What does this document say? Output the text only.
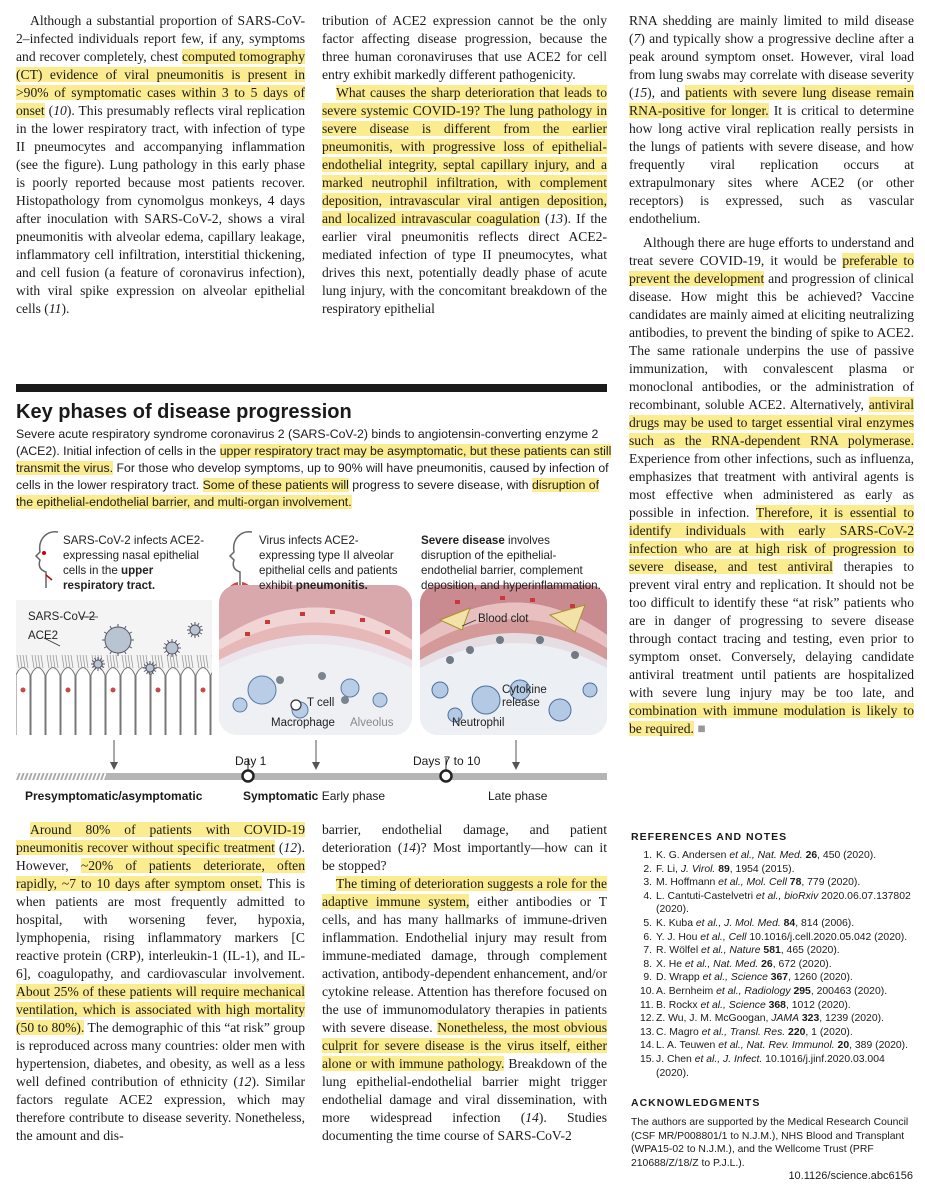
Although a substantial proportion of SARS-CoV-2–infected individuals report few, if any, symptoms and recover completely, chest computed tomography (CT) evidence of viral pneumonitis is present in >90% of symptomatic cases within 3 to 5 days of onset (10). This presumably reflects viral replication in the lower respiratory tract, with infection of type II pneumocytes and accompanying inflammation (see the figure). Lung pathology in this early phase is poorly reported because most patients recover. Histopathology from cynomolgus monkeys, 4 days after inoculation with SARS-CoV-2, shows a viral pneumonitis with alveolar edema, capillary leakage, inflammatory cell infiltration, interstitial thickening, and cell fusion (a feature of coronavirus infection), with viral spike expression on alveolar epithelial cells (11).

tribution of ACE2 expression cannot be the only factor affecting disease progression, because the three human coronaviruses that use ACE2 for cell entry exhibit markedly different pathogenicity.

What causes the sharp deterioration that leads to severe systemic COVID-19? The lung pathology in severe disease is different from the earlier pneumonitis, with progressive loss of epithelial-endothelial integrity, septal capillary injury, and a marked neutrophil infiltration, with complement deposition, intravascular viral antigen deposition, and localized intravascular coagulation (13). If the earlier viral pneumonitis reflects direct ACE2-mediated infection of type II pneumocytes, what drives this next, potentially deadly phase of acute lung injury, with the concomitant breakdown of the respiratory epithelial

RNA shedding are mainly limited to mild disease (7) and typically show a progressive decline after a peak around symptom onset. However, viral load from lung swabs may correlate with disease severity (15), and patients with severe lung disease remain RNA-positive for longer. It is critical to determine how long active viral replication really persists in the lungs of patients with severe disease, and how frequently viral replication occurs at extrapulmonary sites where ACE2 (or other receptors) is expressed, such as vascular endothelium.

Although there are huge efforts to understand and treat severe COVID-19, it would be preferable to prevent the development and progression of clinical disease. How might this be achieved? Vaccine candidates are mainly aimed at eliciting neutralizing antibodies, to prevent the binding of spike to ACE2. The same rationale underpins the use of passive immunization, with convalescent plasma or monoclonal antibodies, or the administration of recombinant, soluble ACE2. Alternatively, antiviral drugs may be used to target essential viral enzymes such as the RNA-dependent RNA polymerase. Experience from other infections, such as influenza, emphasizes that treatment with antiviral agents is most effective when administered as early as possible in infection. Therefore, it is essential to identify individuals with early SARS-CoV-2 infection who are at high risk of progression to severe disease, and test antiviral therapies to prevent viral entry and replication. It should not be too difficult to identify these “at risk” patients who are in danger of progressing to severe disease through contact tracing and testing, even prior to symptom onset. Conversely, delaying candidate antiviral treatment until patients are hospitalized with severe lung injury may be too late, and combination with immune modulation is likely to be required. ■

Key phases of disease progression
Severe acute respiratory syndrome coronavirus 2 (SARS-CoV-2) binds to angiotensin-converting enzyme 2 (ACE2). Initial infection of cells in the upper respiratory tract may be asymptomatic, but these patients can still transmit the virus. For those who develop symptoms, up to 90% will have pneumonitis, caused by infection of cells in the lower respiratory tract. Some of these patients will progress to severe disease, with disruption of the epithelial-endothelial barrier, and multi-organ involvement.
SARS-CoV-2 infects ACE2-expressing nasal epithelial cells in the upper respiratory tract.
Virus infects ACE2-expressing type II alveolar epithelial cells and patients exhibit pneumonitis.
Severe disease involves disruption of the epithelial-endothelial barrier, complement deposition, and hyperinflammation.
SARS-CoV-2
ACE2
T cell
Macrophage Alveolus
Blood clot
Cytokine release
Neutrophil
Day 1	Days 7 to 10
Presymptomatic/asymptomatic	Symptomatic Early phase	Late phase

Around 80% of patients with COVID-19 pneumonitis recover without specific treatment (12). However, ~20% of patients deteriorate, often rapidly, ~7 to 10 days after symptom onset. This is when patients are most frequently admitted to hospital, with worsening fever, hypoxia, lymphopenia, rising inflammatory markers [C reactive protein (CRP), interleukin-1 (IL-1), and IL-6], coagulopathy, and cardiovascular involvement. About 25% of these patients will require mechanical ventilation, which is associated with high mortality (50 to 80%). The demographic of this “at risk” group is reproduced across many countries: older men with hypertension, diabetes, and obesity, as well as a less well defined contribution of ethnicity (12). Similar factors regulate ACE2 expression, which may therefore contribute to disease severity. Nonetheless, the amount and dis-

barrier, endothelial damage, and patient deterioration (14)? Most importantly—how can it be stopped?

The timing of deterioration suggests a role for the adaptive immune system, either antibodies or T cells, and has many hallmarks of immune-driven inflammation. Endothelial injury may result from immune-mediated damage, through complement activation, antibody-dependent enhancement, and/or cytokine release. Attention has therefore focused on the use of immunomodulatory therapies in patients with severe disease. Nonetheless, the most obvious culprit for severe disease is the virus itself, either alone or with immune pathology. Breakdown of the lung epithelial-endothelial barrier might trigger endothelial damage and viral dissemination, with more widespread infection (14). Studies documenting the time course of SARS-CoV-2

REFERENCES AND NOTES
1. K. G. Andersen et al., Nat. Med. 26, 450 (2020).
2. F. Li, J. Virol. 89, 1954 (2015).
3. M. Hoffmann et al., Mol. Cell 78, 779 (2020).
4. L. Cantuti-Castelvetri et al., bioRxiv 2020.06.07.137802 (2020).
5. K. Kuba et al., J. Mol. Med. 84, 814 (2006).
6. Y. J. Hou et al., Cell 10.1016/j.cell.2020.05.042 (2020).
7. R. Wölfel et al., Nature 581, 465 (2020).
8. X. He et al., Nat. Med. 26, 672 (2020).
9. D. Wrapp et al., Science 367, 1260 (2020).
10. A. Bernheim et al., Radiology 295, 200463 (2020).
11. B. Rockx et al., Science 368, 1012 (2020).
12. Z. Wu, J. M. McGoogan, JAMA 323, 1239 (2020).
13. C. Magro et al., Transl. Res. 220, 1 (2020).
14. L. A. Teuwen et al., Nat. Rev. Immunol. 20, 389 (2020).
15. J. Chen et al., J. Infect. 10.1016/j.jinf.2020.03.004 (2020).
ACKNOWLEDGMENTS
The authors are supported by the Medical Research Council (CSF MR/P008801/1 to N.J.M.), NHS Blood and Transplant (WPA15-02 to N.J.M.), and the Wellcome Trust (PRF 210688/Z/18/Z to P.J.L.).
10.1126/science.abc6156
